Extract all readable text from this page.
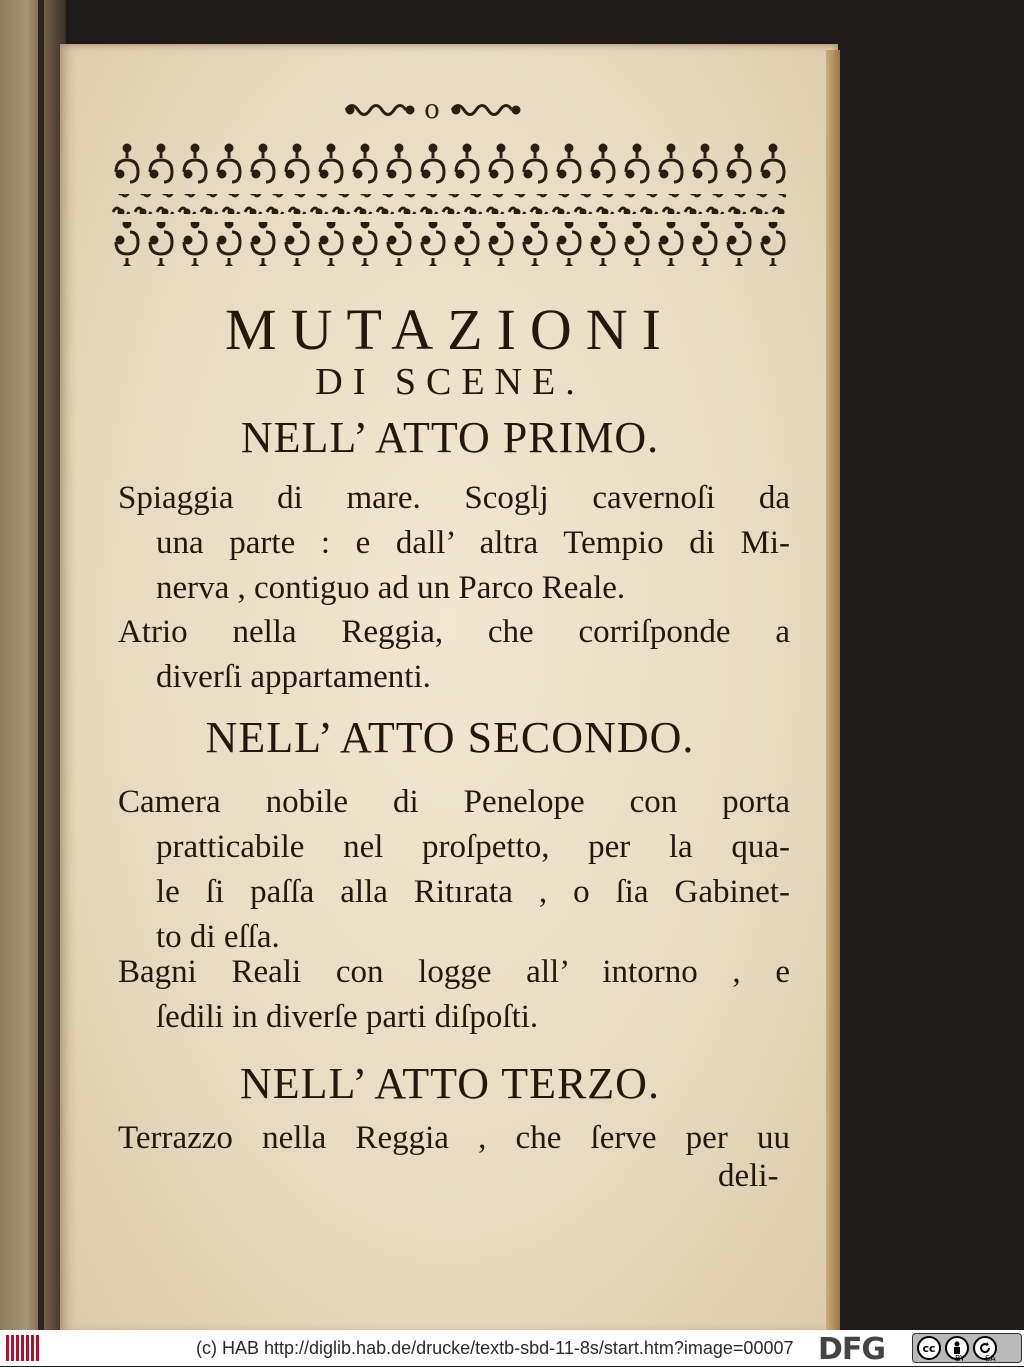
o
MUTAZIONI
DI SCENE.
NELL’ ATTO PRIMO.
Spiaggia di mare. Scoglj cavernoſi da
una parte : e dall’ altra Tempio di Mi-
nerva , contiguo ad un Parco Reale.
Atrio nella Reggia, che corriſponde a
diverſi appartamenti.
NELL’ ATTO SECONDO.
Camera nobile di Penelope con porta
pratticabile nel proſpetto, per la qua-
le ſi paſſa alla Ritırata , o ſia Gabinet-
to di eſſa.
Bagni Reali con logge all’ intorno , e
ſedili in diverſe parti diſpoſti.
NELL’ ATTO TERZO.
Terrazzo nella Reggia , che ſerve per uu
deli-
(c) HAB http://diglib.hab.de/drucke/textb-sbd-11-8s/start.htm?image=00007 DFG	cc
BY	SA
